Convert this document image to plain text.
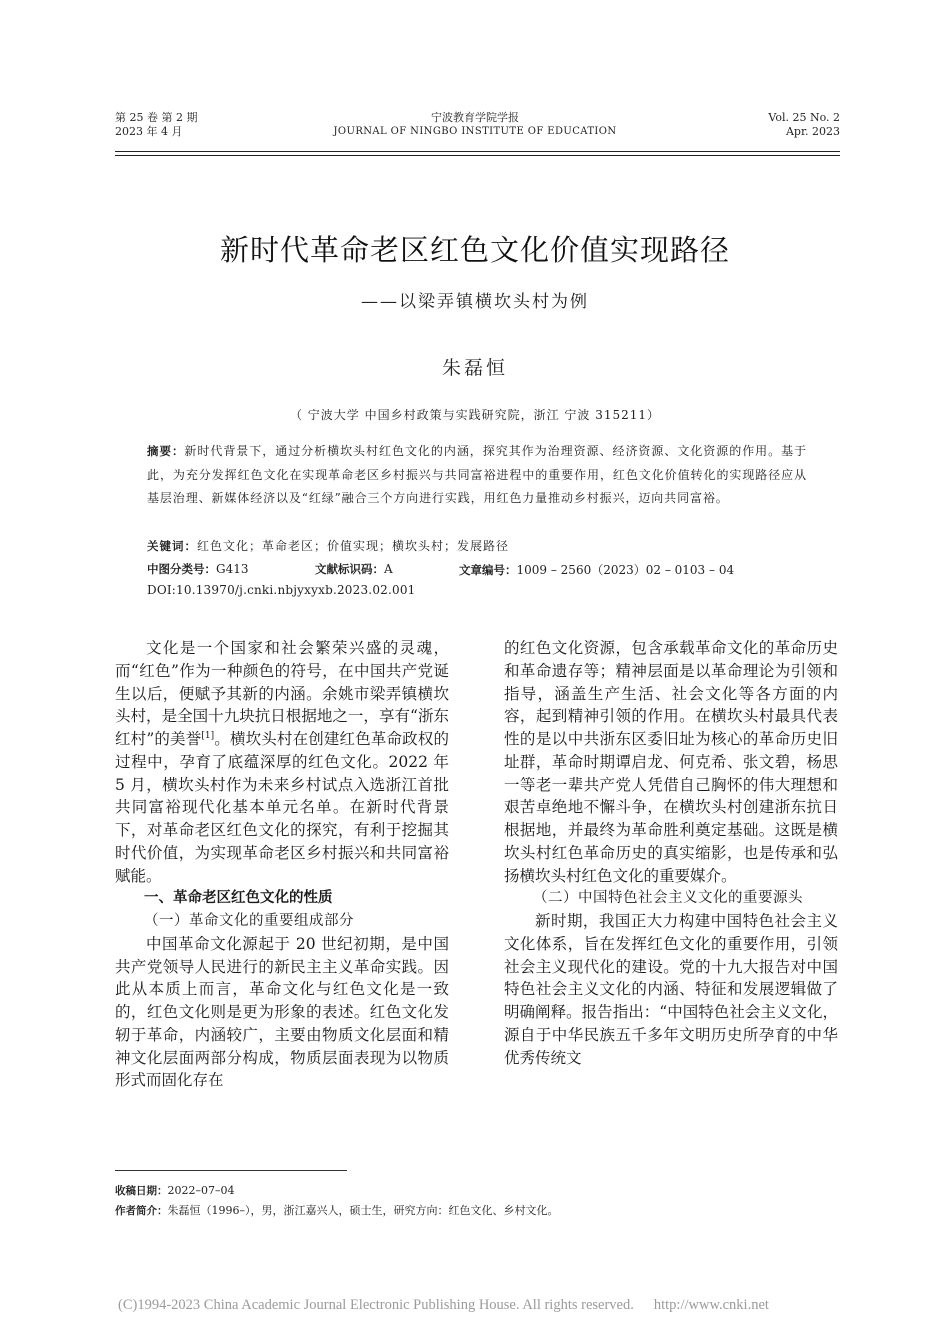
第 25 卷 第 2 期
2023 年 4 月
宁波教育学院学报
JOURNAL OF NINGBO INSTITUTE OF EDUCATION
Vol. 25 No. 2
Apr. 2023
新时代革命老区红色文化价值实现路径
——以梁弄镇横坎头村为例
朱磊恒
（ 宁波大学 中国乡村政策与实践研究院，浙江 宁波 315211）
摘要：新时代背景下，通过分析横坎头村红色文化的内涵，探究其作为治理资源、经济资源、文化资源的作用。基于此，为充分发挥红色文化在实现革命老区乡村振兴与共同富裕进程中的重要作用，红色文化价值转化的实现路径应从基层治理、新媒体经济以及“红绿”融合三个方向进行实践，用红色力量推动乡村振兴，迈向共同富裕。
关键词：红色文化；革命老区；价值实现；横坎头村；发展路径
中图分类号：G413	文献标识码：A	文章编号：1009 – 2560（2023）02 – 0103 – 04
DOI:10.13970/j.cnki.nbjyxyxb.2023.02.001

文化是一个国家和社会繁荣兴盛的灵魂，而“红色”作为一种颜色的符号，在中国共产党诞生以后，便赋予其新的内涵。余姚市梁弄镇横坎头村，是全国十九块抗日根据地之一，享有“浙东红村”的美誉[1]。横坎头村在创建红色革命政权的过程中，孕育了底蕴深厚的红色文化。2022 年 5 月，横坎头村作为未来乡村试点入选浙江首批共同富裕现代化基本单元名单。在新时代背景下，对革命老区红色文化的探究，有利于挖掘其时代价值，为实现革命老区乡村振兴和共同富裕赋能。

一、革命老区红色文化的性质
（一）革命文化的重要组成部分

中国革命文化源起于 20 世纪初期，是中国共产党领导人民进行的新民主主义革命实践。因此从本质上而言，革命文化与红色文化是一致的，红色文化则是更为形象的表述。红色文化发轫于革命，内涵较广，主要由物质文化层面和精神文化层面两部分构成，物质层面表现为以物质形式而固化存在

的红色文化资源，包含承载革命文化的革命历史和革命遗存等；精神层面是以革命理论为引领和指导，涵盖生产生活、社会文化等各方面的内容，起到精神引领的作用。在横坎头村最具代表性的是以中共浙东区委旧址为核心的革命历史旧址群，革命时期谭启龙、何克希、张文碧，杨思一等老一辈共产党人凭借自己胸怀的伟大理想和艰苦卓绝地不懈斗争，在横坎头村创建浙东抗日根据地，并最终为革命胜利奠定基础。这既是横坎头村红色革命历史的真实缩影，也是传承和弘扬横坎头村红色文化的重要媒介。

（二）中国特色社会主义文化的重要源头

新时期，我国正大力构建中国特色社会主义文化体系，旨在发挥红色文化的重要作用，引领社会主义现代化的建设。党的十九大报告对中国特色社会主义文化的内涵、特征和发展逻辑做了明确阐释。报告指出：“中国特色社会主义文化，源自于中华民族五千多年文明历史所孕育的中华优秀传统文

收稿日期：2022–07–04
作者简介：朱磊恒（1996–），男，浙江嘉兴人，硕士生，研究方向：红色文化、乡村文化。
(C)1994-2023 China Academic Journal Electronic Publishing House. All rights reserved. http://www.cnki.net
